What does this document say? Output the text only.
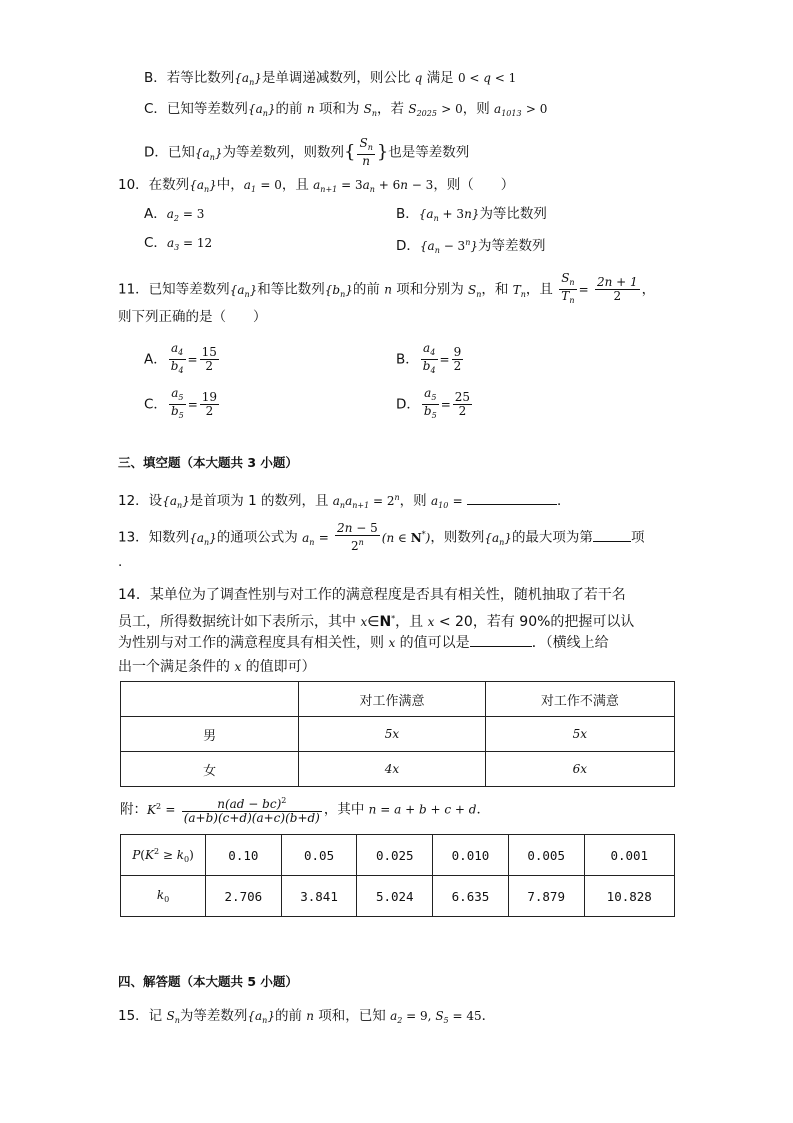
B．若等比数列$\{a_n\}$是单调递减数列，则公比 q 满足 0 < q < 1
C．已知等差数列$\{a_n\}$的前 n 项和为 $S_n$，若 $S_{2025} > 0$，则 $a_{1013} > 0$
D．已知$\{a_n\}$为等差数列，则数列{ $\frac{S_n}{n}$ }也是等差数列
10．在数列$\{a_n\}$中，$a_1 = 0$，且 $a_{n+1} = 3a_n + 6n - 3$，则（　　）
A．$a_2 = 3$	B．$\{a_n + 3n\}$为等比数列
C．$a_3 = 12$	D．$\{a_n - 3^n\}$为等差数列
11．已知等差数列$\{a_n\}$和等比数列$\{b_n\}$的前 n 项和分别为 $S_n$，和 $T_n$，且 $\frac{S_n}{T_n} = \frac{2n + 1}{2}$ ，
则下列正确的是（　　）
A． $\frac{a_4}{b_4} = \frac{15}{2}$	B． $\frac{a_4}{b_4} = \frac{9}{2}$
C． $\frac{a_5}{b_5} = \frac{19}{2}$	D． $\frac{a_5}{b_5} = \frac{25}{2}$
三、填空题（本大题共 3 小题）
12．设$\{a_n\}$是首项为 1 的数列，且 $a_na_{n+1} = 2^n$，则 $a_{10}$ =	．
13．知数列$\{a_n\}$的通项公式为 $a_n = \frac{2n - 5}{2^n} (n$ ∈ N*)，则数列$\{a_n\}$的最大项为第	项
.
14．某单位为了调查性别与对工作的满意程度是否具有相关性，随机抽取了若干名
员工，所得数据统计如下表所示，其中 x∈N*，且 x < 20，若有 90%的把握可以认
为性别与对工作的满意程度具有相关性，则 x 的值可以是	．（横线上给
出一个满足条件的 x 的值即可）
	对工作满意	对工作不满意
男	5x	5x
女	4x	6x
附：$K^2 = \frac{n(ad - bc)^2}{(a+b)(c+d)(a+c)(b+d)}$ ，其中 n = a + b + c + d．
$P(K^2 \ge k_0)$	0.10	0.05	0.025	0.010	0.005	0.001

$k_0$	2.706	3.841	5.024	6.635	7.879	10.828
四、解答题（本大题共 5 小题）
15．记 $S_n$为等差数列$\{a_n\}$的前 n 项和，已知 $a_2 = 9$, $S_5 = 45$．
